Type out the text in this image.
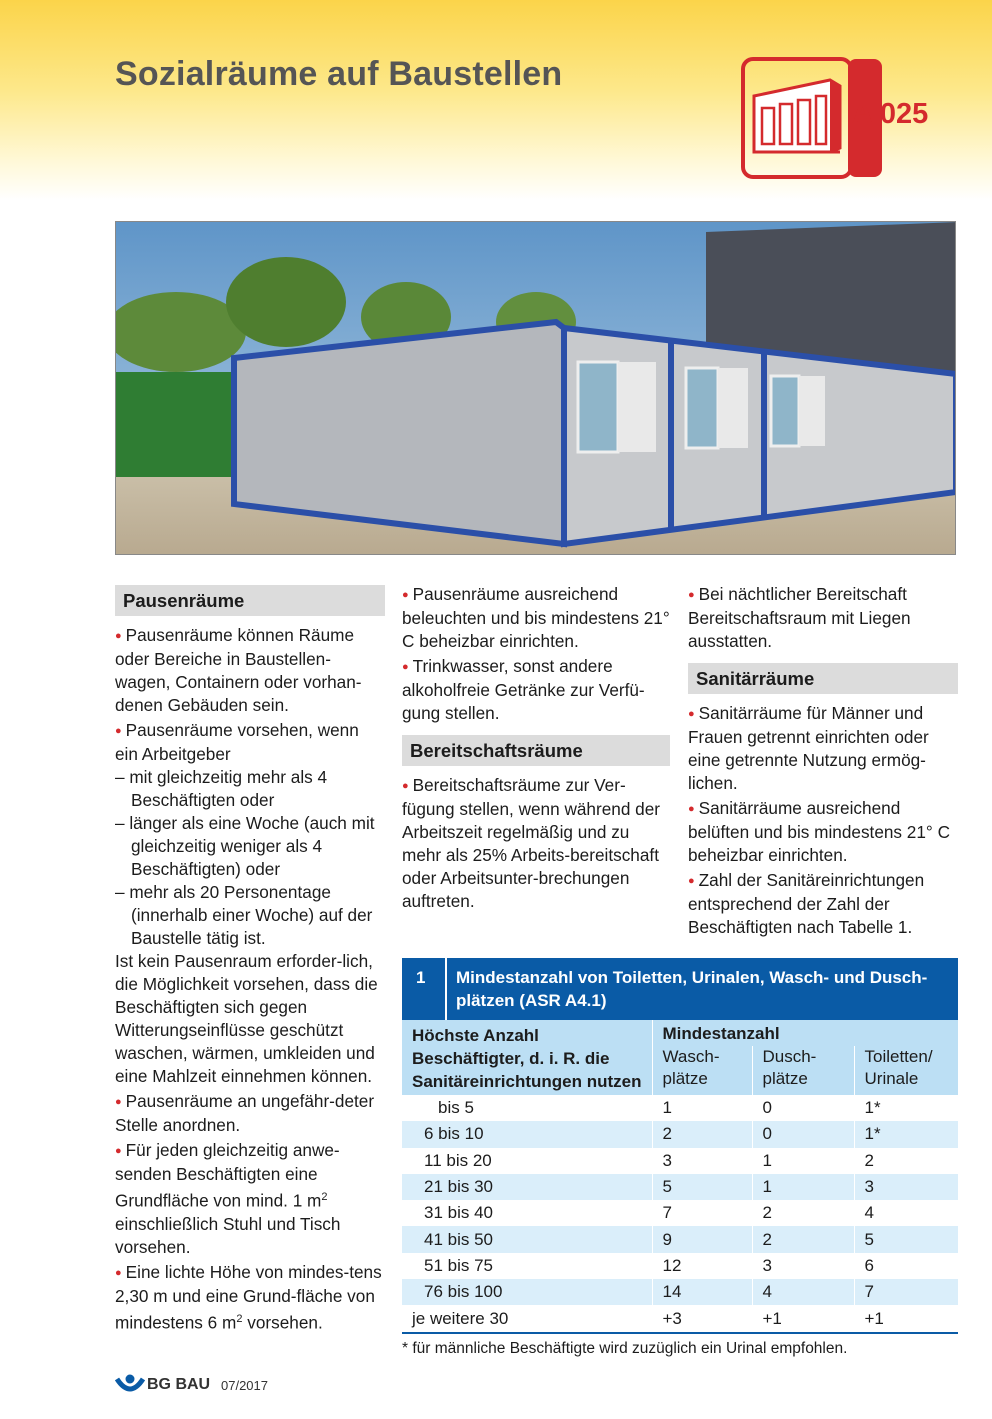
Sozialräume auf Baustellen
A 025
Pausenräume

● Pausenräume können Räume oder Bereiche in Baustellen-wagen, Containern oder vorhan-denen Gebäuden sein.

● Pausenräume vorsehen, wenn ein Arbeitgeber

– mit gleichzeitig mehr als 4 Beschäftigten oder

– länger als eine Woche (auch mit gleichzeitig weniger als 4 Beschäftigten) oder

– mehr als 20 Personentage (innerhalb einer Woche) auf der Baustelle tätig ist.

Ist kein Pausenraum erforder-lich, die Möglichkeit vorsehen, dass die Beschäftigten sich gegen Witterungseinflüsse geschützt waschen, wärmen, umkleiden und eine Mahlzeit einnehmen können.

● Pausenräume an ungefähr-deter Stelle anordnen.

● Für jeden gleichzeitig anwe-senden Beschäftigten eine Grundfläche von mind. 1 $m^2$ einschließlich Stuhl und Tisch vorsehen.

● Eine lichte Höhe von mindes-tens 2,30 m und eine Grund-fläche von mindestens 6 $m^2$ vorsehen.

● Pausenräume ausreichend beleuchten und bis mindestens 21° C beheizbar einrichten.

● Trinkwasser, sonst andere alkoholfreie Getränke zur Verfü-gung stellen.

Bereitschaftsräume

● Bereitschaftsräume zur Ver-fügung stellen, wenn während der Arbeitszeit regelmäßig und zu mehr als 25% Arbeits-bereitschaft oder Arbeitsunter-brechungen auftreten.

● Bei nächtlicher Bereitschaft Bereitschaftsraum mit Liegen ausstatten.

Sanitärräume

● Sanitärräume für Männer und Frauen getrennt einrichten oder eine getrennte Nutzung ermög-lichen.

● Sanitärräume ausreichend belüften und bis mindestens 21° C beheizbar einrichten.

● Zahl der Sanitäreinrichtungen entsprechend der Zahl der Beschäftigten nach Tabelle 1.

1 Mindestanzahl von Toiletten, Urinalen, Wasch- und Dusch-plätzen (ASR A4.1)
Höchste Anzahl Beschäftigter, d. i. R. die Sanitäreinrichtungen nutzen	Mindestanzahl		
	Wasch-plätze	Dusch-plätze	Toiletten/ Urinale
bis 5	1	0	1*
6 bis 10	2	0	1*
11 bis 20	3	1	2
21 bis 30	5	1	3
31 bis 40	7	2	4
41 bis 50	9	2	5
51 bis 75	12	3	6
76 bis 100	14	4	7
je weitere 30	+3	+1	+1
* für männliche Beschäftigte wird zuzüglich ein Urinal empfohlen.
BG BAU 07/2017
